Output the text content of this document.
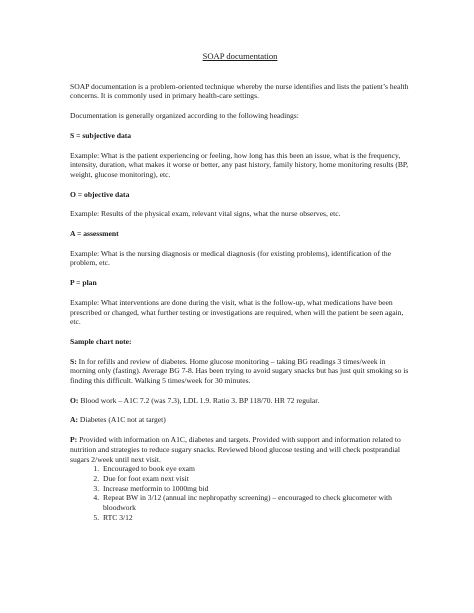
SOAP documentation

SOAP documentation is a problem-oriented technique whereby the nurse identifies and lists the patient’s health concerns. It is commonly used in primary health-care settings.

Documentation is generally organized according to the following headings:

S = subjective data

Example: What is the patient experiencing or feeling, how long has this been an issue, what is the frequency, intensity, duration, what makes it worse or better, any past history, family history, home monitoring results (BP, weight, glucose monitoring), etc.

O = objective data

Example: Results of the physical exam, relevant vital signs, what the nurse observes, etc.

A = assessment

Example: What is the nursing diagnosis or medical diagnosis (for existing problems), identification of the problem, etc.

P = plan

Example: What interventions are done during the visit, what is the follow-up, what medications have been prescribed or changed, what further testing or investigations are required, when will the patient be seen again, etc.

Sample chart note:

S: In for refills and review of diabetes. Home glucose monitoring – taking BG readings 3 times/week in morning only (fasting). Average BG 7-8. Has been trying to avoid sugary snacks but has just quit smoking so is finding this difficult. Walking 5 times/week for 30 minutes.

O: Blood work – A1C 7.2 (was 7.3), LDL 1.9. Ratio 3. BP 118/70. HR 72 regular.

A: Diabetes (A1C not at target)

P: Provided with information on A1C, diabetes and targets. Provided with support and information related to nutrition and strategies to reduce sugary snacks. Reviewed blood glucose testing and will check postprandial sugars 2/week until next visit.
1. Encouraged to book eye exam
2. Due for foot exam next visit
3. Increase metformin to 1000mg bid
4. Repeat BW in 3/12 (annual inc nephropathy screening) – encouraged to check glucometer with bloodwork
5. RTC 3/12
